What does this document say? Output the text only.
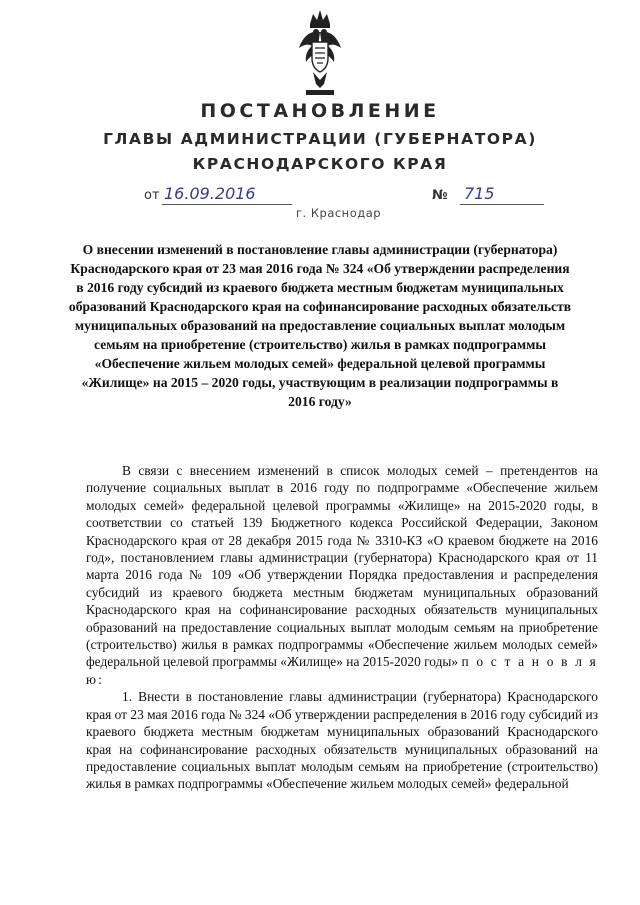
ПОСТАНОВЛЕНИЕ
ГЛАВЫ АДМИНИСТРАЦИИ (ГУБЕРНАТОРА)
КРАСНОДАРСКОГО КРАЯ
от 16.09.2016	№ 715
г. Краснодар
О внесении изменений в постановление главы администрации (губернатора) Краснодарского края от 23 мая 2016 года № 324 «Об утверждении распределения в 2016 году субсидий из краевого бюджета местным бюджетам муниципальных образований Краснодарского края на софинансирование расходных обязательств муниципальных образований на предоставление социальных выплат молодым семьям на приобретение (строительство) жилья в рамках подпрограммы «Обеспечение жильем молодых семей» федеральной целевой программы «Жилище» на 2015 – 2020 годы, участвующим в реализации подпрограммы в 2016 году»

В связи с внесением изменений в список молодых семей – претендентов на получение социальных выплат в 2016 году по подпрограмме «Обеспечение жильем молодых семей» федеральной целевой программы «Жилище» на 2015-2020 годы, в соответствии со статьей 139 Бюджетного кодекса Российской Федерации, Законом Краснодарского края от 28 декабря 2015 года № 3310-КЗ «О краевом бюджете на 2016 год», постановлением главы администрации (губернатора) Краснодарского края от 11 марта 2016 года № 109 «Об утверждении Порядка предоставления и распределения субсидий из краевого бюджета местным бюджетам муниципальных образований Краснодарского края на софинансирование расходных обязательств муниципальных образований на предоставление социальных выплат молодым семьям на приобретение (строительство) жилья в рамках подпрограммы «Обеспечение жильем молодых семей» федеральной целевой программы «Жилище» на 2015-2020 годы» п о с т а н о в л я ю:

1. Внести в постановление главы администрации (губернатора) Краснодарского края от 23 мая 2016 года № 324 «Об утверждении распределения в 2016 году субсидий из краевого бюджета местным бюджетам муниципальных образований Краснодарского края на софинансирование расходных обязательств муниципальных образований на предоставление социальных выплат молодым семьям на приобретение (строительство) жилья в рамках подпрограммы «Обеспечение жильем молодых семей» федеральной
